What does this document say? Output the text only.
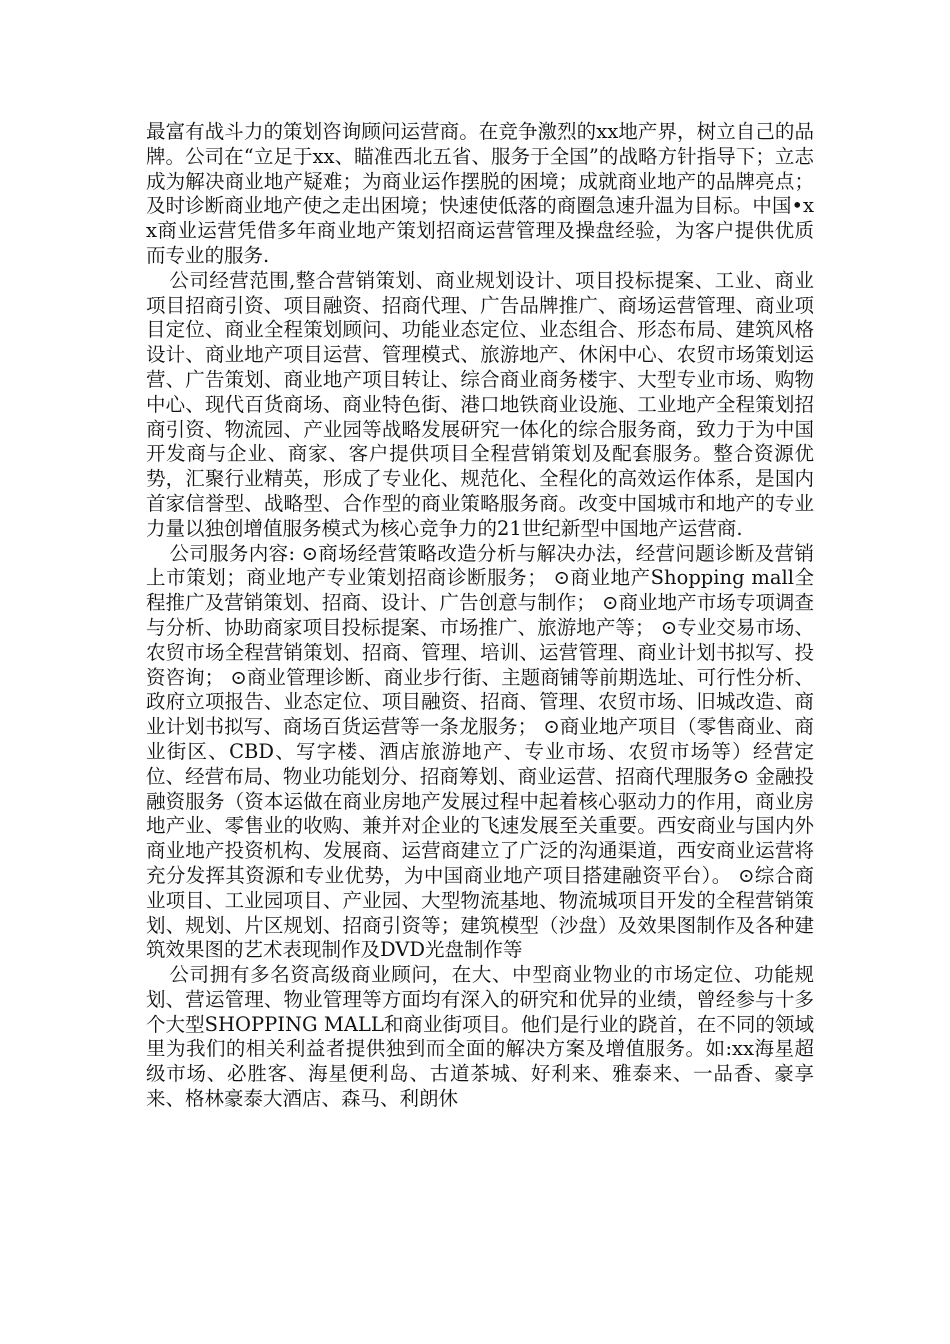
最富有战斗力的策划咨询顾问运营商。在竞争激烈的xx地产界，树立自己的品牌。公司在“立足于xx、瞄准西北五省、服务于全国”的战略方针指导下；立志成为解决商业地产疑难；为商业运作摆脱的困境；成就商业地产的品牌亮点；及时诊断商业地产使之走出困境；快速使低落的商圈急速升温为目标。中国•xx商业运营凭借多年商业地产策划招商运营管理及操盘经验，为客户提供优质而专业的服务.

公司经营范围,整合营销策划、商业规划设计、项目投标提案、工业、商业项目招商引资、项目融资、招商代理、广告品牌推广、商场运营管理、商业项目定位、商业全程策划顾问、功能业态定位、业态组合、形态布局、建筑风格设计、商业地产项目运营、管理模式、旅游地产、休闲中心、农贸市场策划运营、广告策划、商业地产项目转让、综合商业商务楼宇、大型专业市场、购物中心、现代百货商场、商业特色街、港口地铁商业设施、工业地产全程策划招商引资、物流园、产业园等战略发展研究一体化的综合服务商，致力于为中国开发商与企业、商家、客户提供项目全程营销策划及配套服务。整合资源优势，汇聚行业精英，形成了专业化、规范化、全程化的高效运作体系，是国内首家信誉型、战略型、合作型的商业策略服务商。改变中国城市和地产的专业力量以独创增值服务模式为核心竞争力的21世纪新型中国地产运营商.

公司服务内容: ⊙商场经营策略改造分析与解决办法，经营问题诊断及营销上市策划；商业地产专业策划招商诊断服务； ⊙商业地产Shopping mall全程推广及营销策划、招商、设计、广告创意与制作； ⊙商业地产市场专项调查与分析、协助商家项目投标提案、市场推广、旅游地产等； ⊙专业交易市场、农贸市场全程营销策划、招商、管理、培训、运营管理、商业计划书拟写、投资咨询； ⊙商业管理诊断、商业步行街、主题商铺等前期选址、可行性分析、政府立项报告、业态定位、项目融资、招商、管理、农贸市场、旧城改造、商业计划书拟写、商场百货运营等一条龙服务； ⊙商业地产项目（零售商业、商业街区、CBD、写字楼、酒店旅游地产、专业市场、农贸市场等）经营定位、经营布局、物业功能划分、招商筹划、商业运营、招商代理服务⊙ 金融投融资服务（资本运做在商业房地产发展过程中起着核心驱动力的作用，商业房地产业、零售业的收购、兼并对企业的飞速发展至关重要。西安商业与国内外商业地产投资机构、发展商、运营商建立了广泛的沟通渠道，西安商业运营将充分发挥其资源和专业优势，为中国商业地产项目搭建融资平台）。 ⊙综合商业项目、工业园项目、产业园、大型物流基地、物流城项目开发的全程营销策划、规划、片区规划、招商引资等；建筑模型（沙盘）及效果图制作及各种建筑效果图的艺术表现制作及DVD光盘制作等

公司拥有多名资高级商业顾问，在大、中型商业物业的市场定位、功能规划、营运管理、物业管理等方面均有深入的研究和优异的业绩，曾经参与十多个大型SHOPPING MALL和商业街项目。他们是行业的跷首，在不同的领域里为我们的相关利益者提供独到而全面的解决方案及增值服务。如:xx海星超级市场、必胜客、海星便利岛、古道茶城、好利来、雅泰来、一品香、豪享来、格林豪泰大酒店、森马、利朗休
